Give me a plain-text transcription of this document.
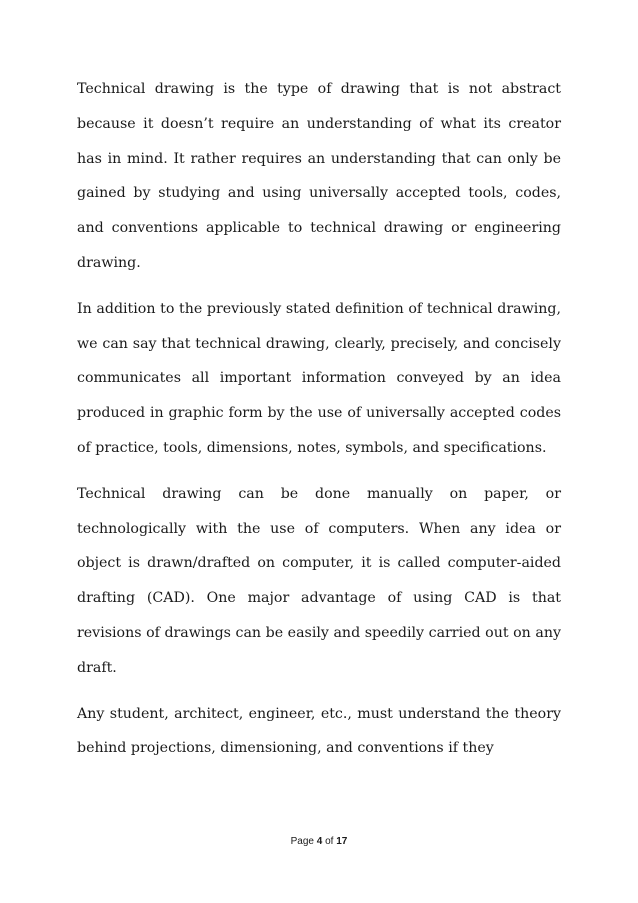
Technical drawing is the type of drawing that is not abstract because it doesn’t require an understanding of what its creator has in mind. It rather requires an understanding that can only be gained by studying and using universally accepted tools, codes, and conventions applicable to technical drawing or engineering drawing.

In addition to the previously stated definition of technical drawing, we can say that technical drawing, clearly, precisely, and concisely communicates all important information conveyed by an idea produced in graphic form by the use of universally accepted codes of practice, tools, dimensions, notes, symbols, and specifications.

Technical drawing can be done manually on paper, or technologically with the use of computers. When any idea or object is drawn/drafted on computer, it is called computer-aided drafting (CAD). One major advantage of using CAD is that revisions of drawings can be easily and speedily carried out on any draft.

Any student, architect, engineer, etc., must understand the theory behind projections, dimensioning, and conventions if they

Page 4 of 17
